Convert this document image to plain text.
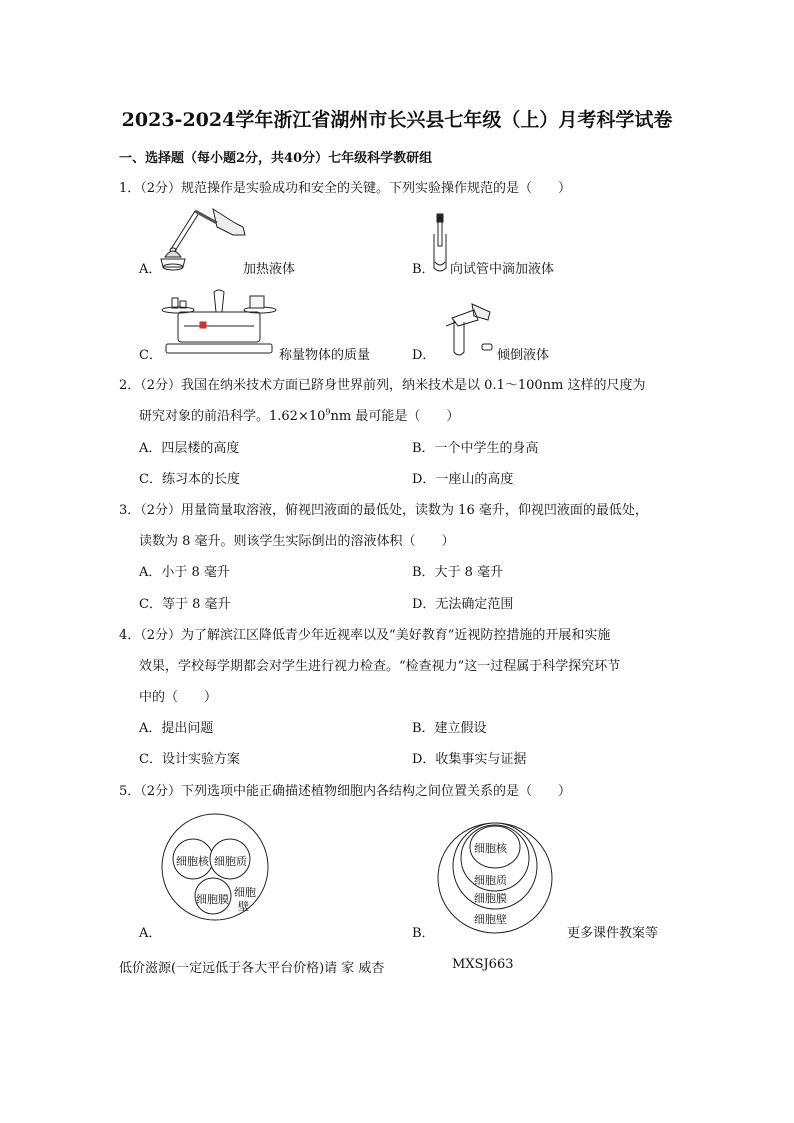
2023-2024学年浙江省湖州市长兴县七年级（上）月考科学试卷
一、选择题（每小题2分，共40分）七年级科学教研组
1．（2分）规范操作是实验成功和安全的关键。下列实验操作规范的是（　　）
A．	加热液体	B． 向试管中滴加液体
C．	称量物体的质量	D．	倾倒液体
2．（2分）我国在纳米技术方面已跻身世界前列，纳米技术是以 0.1～100nm 这样的尺度为
研究对象的前沿科学。$1.62\times 10^9nm$ 最可能是（　　）
A．四层楼的高度	B．一个中学生的身高
C．练习本的长度	D．一座山的高度
3．（2分）用量筒量取溶液，俯视凹液面的最低处，读数为 16 毫升，仰视凹液面的最低处，
读数为 8 毫升。则该学生实际倒出的溶液体积（　　）
A．小于 8 毫升	B．大于 8 毫升
C．等于 8 毫升	D．无法确定范围
4．（2分）为了解滨江区降低青少年近视率以及“美好教育”近视防控措施的开展和实施
效果，学校每学期都会对学生进行视力检查。“检查视力”这一过程属于科学探究环节
中的（　　）
A．提出问题	B．建立假设
C．设计实验方案	D．收集事实与证据
5．（2分）下列选项中能正确描述植物细胞内各结构之间位置关系的是（　　）
细胞核 细胞质
细胞膜
细胞
壁
A．
细胞核
细胞质
细胞膜
细胞壁
B．	更多课件教案等
低价滋源(一定远低于各大平台价格)请 家 威杏	MXSJ663
